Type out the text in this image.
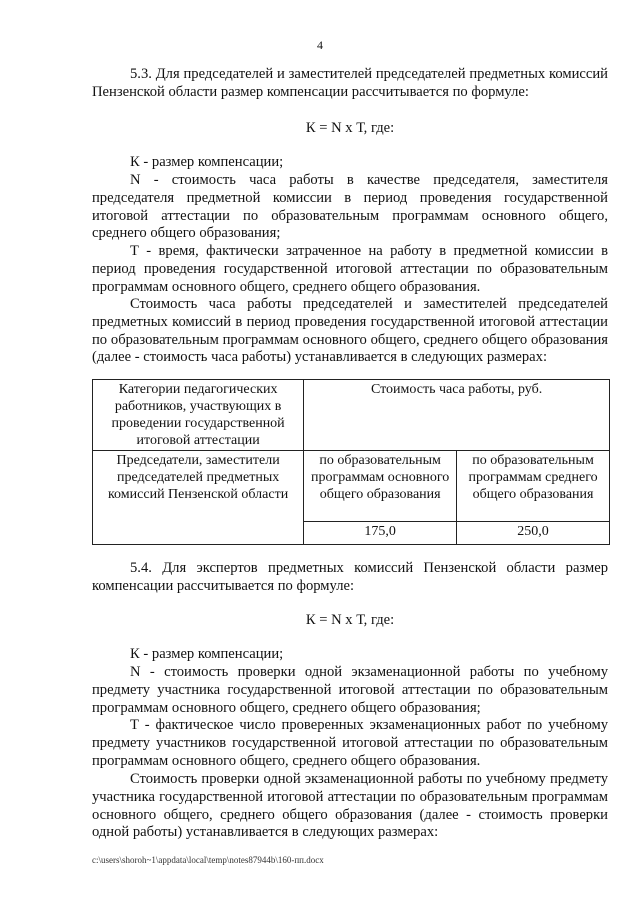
4

5.3. Для председателей и заместителей председателей предметных комиссий Пензенской области размер компенсации рассчитывается по формуле:

К = N х Т, где:

К - размер компенсации;

N - стоимость часа работы в качестве председателя, заместителя председателя предметной комиссии в период проведения государственной итоговой аттестации по образовательным программам основного общего, среднего общего образования;

Т - время, фактически затраченное на работу в предметной комиссии в период проведения государственной итоговой аттестации по образовательным программам основного общего, среднего общего образования.

Стоимость часа работы председателей и заместителей председателей предметных комиссий в период проведения государственной итоговой аттестации по образовательным программам основного общего, среднего общего образования (далее - стоимость часа работы) устанавливается в следующих размерах:

Категории педагогических работников, участвующих в проведении государственной итоговой аттестации	Стоимость часа работы, руб.	
Председатели, заместители председателей предметных комиссий Пензенской области	по образовательным программам основного общего образования	по образовательным программам среднего общего образования
	175,0	250,0

5.4. Для экспертов предметных комиссий Пензенской области размер компенсации рассчитывается по формуле:

К = N х Т, где:

К - размер компенсации;

N - стоимость проверки одной экзаменационной работы по учебному предмету участника государственной итоговой аттестации по образовательным программам основного общего, среднего общего образования;

Т - фактическое число проверенных экзаменационных работ по учебному предмету участников государственной итоговой аттестации по образовательным программам основного общего, среднего общего образования.

Стоимость проверки одной экзаменационной работы по учебному предмету участника государственной итоговой аттестации по образовательным программам основного общего, среднего общего образования (далее - стоимость проверки одной работы) устанавливается в следующих размерах:

c:\users\shoroh~1\appdata\local\temp\notes87944b\160-пп.docx
